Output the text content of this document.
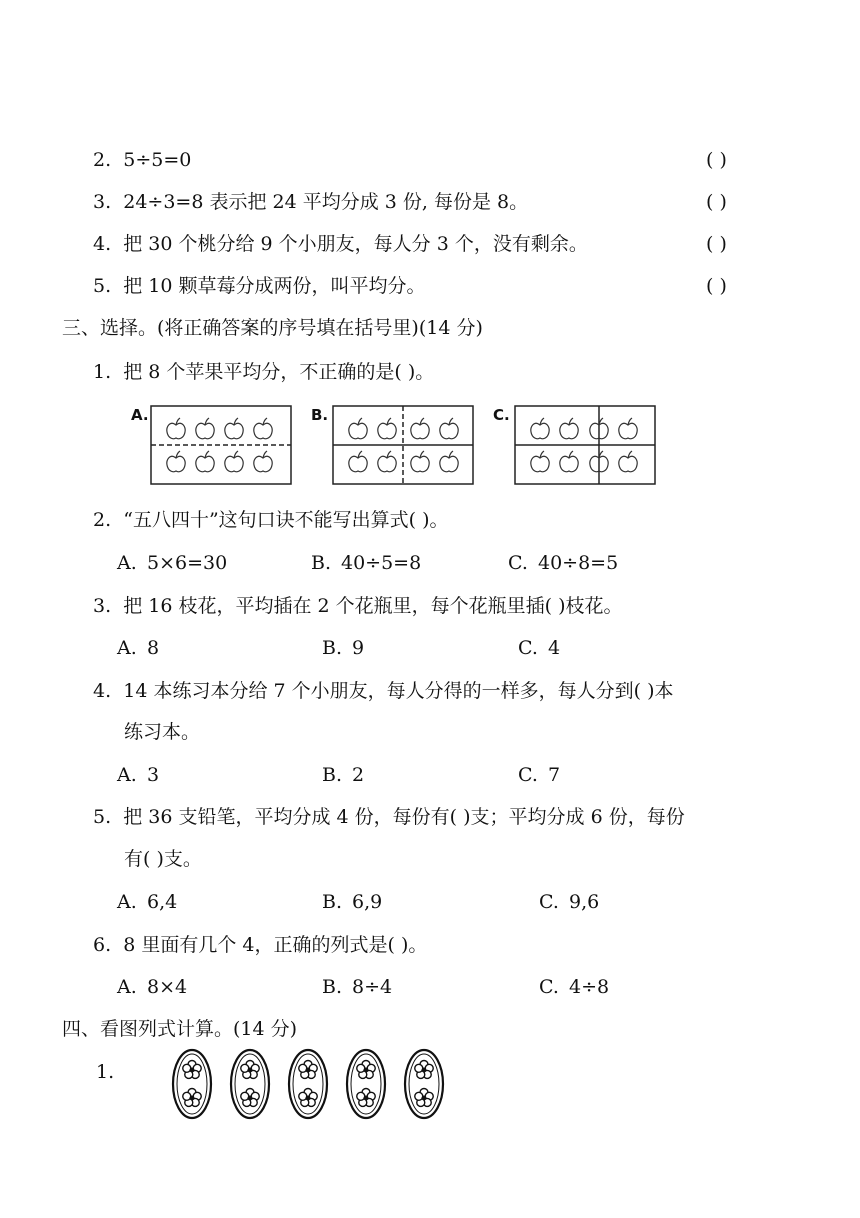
2. 5÷5=0	( )
3. 24÷3=8 表示把 24 平均分成 3 份, 每份是 8。	( )
4. 把 30 个桃分给 9 个小朋友，每人分 3 个，没有剩余。	( )
5. 把 10 颗草莓分成两份，叫平均分。	( )
三、选择。(将正确答案的序号填在括号里)(14 分)
1. 把 8 个苹果平均分，不正确的是( )。
A.	B.	C.
2. “五八四十”这句口诀不能写出算式( )。
A. 5×6=30	B. 40÷5=8	C. 40÷8=5
3. 把 16 枝花，平均插在 2 个花瓶里，每个花瓶里插( )枝花。
A. 8	B. 9	C. 4
4. 14 本练习本分给 7 个小朋友，每人分得的一样多，每人分到( )本
练习本。
A. 3	B. 2	C. 7
5. 把 36 支铅笔，平均分成 4 份，每份有( )支；平均分成 6 份，每份
有( )支。
A. 6,4	B. 6,9	C. 9,6
6. 8 里面有几个 4，正确的列式是( )。
A. 8×4	B. 8÷4	C. 4÷8
四、看图列式计算。(14 分)
1.
